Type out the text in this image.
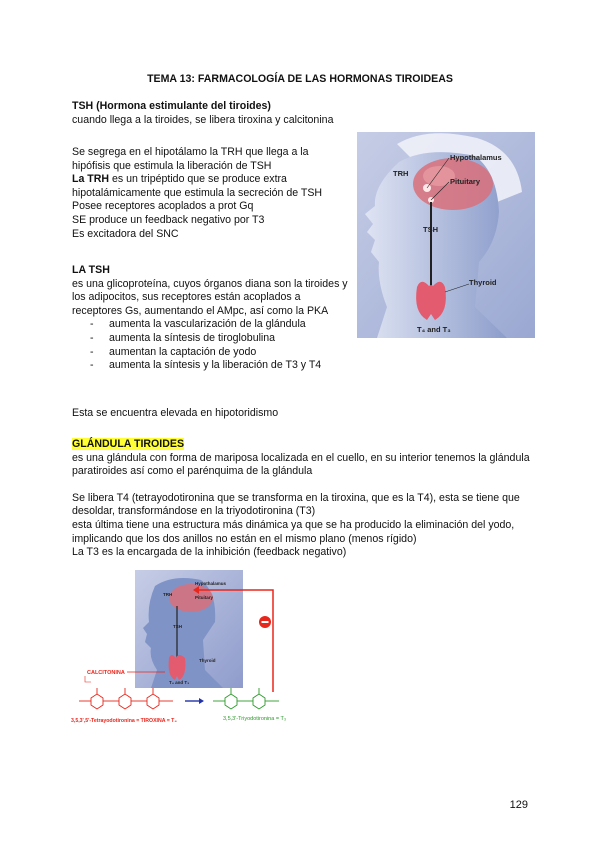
TEMA 13: FARMACOLOGÍA DE LAS HORMONAS TIROIDEAS

TSH (Hormona estimulante del tiroides)

cuando llega a la tiroides, se libera tiroxina y calcitonina

Se segrega en el hipotálamo la TRH que llega a la hipófisis que estimula la liberación de TSH

La TRH es un tripéptido que se produce extra hipotalámicamente que estimula la secreción de TSH

Posee receptores acoplados a prot Gq

SE produce un feedback negativo por T3

Es excitadora del SNC

LA TSH

es una glicoproteína, cuyos órganos diana son la tiroides y los adipocitos, sus receptores están acoplados a receptores Gs, aumentando el AMpc, así como la PKA

- aumenta la vascularización de la glándula
- aumenta la síntesis de tiroglobulina
- aumentan la captación de yodo
- aumenta la síntesis y la liberación de T3 y T4

Esta se encuentra elevada en hipotoridismo

GLÁNDULA TIROIDES

es una glándula con forma de mariposa localizada en el cuello, en su interior tenemos la glándula paratiroides así como el parénquima de la glándula

Se libera T4 (tetrayodotironina que se transforma en la tiroxina, que es la T4), esta se tiene que desoldar, transformándose en la triyodotironina (T3)

esta última tiene una estructura más dinámica ya que se ha producido la eliminación del yodo, implicando que los dos anillos no están en el mismo plano (menos rígido)

La T3 es la encargada de la inhibición (feedback negativo)

Hypothalamus
TRH
Pituitary
TSH
Thyroid
T₄ and T₃
Hypothalamus
TRH
Pituitary
TSH
Thyroid
T₄ and T₃
CALCITONINA
3,5,3',5'-Tetrayodotironina = TIROXINA = T₄	3,5,3'-Triyodotironina = T₃
129
